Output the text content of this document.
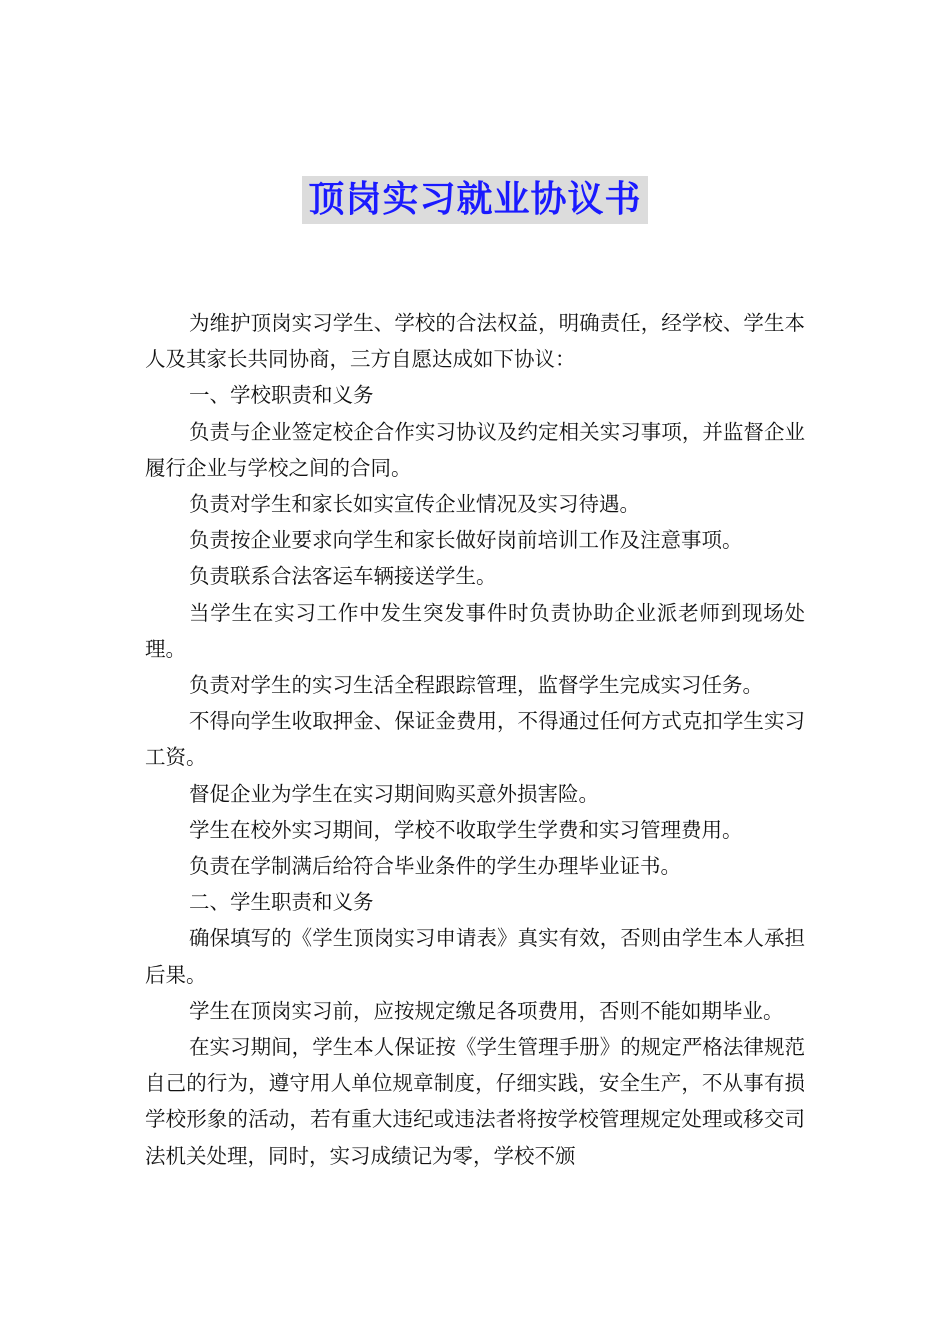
顶岗实习就业协议书

为维护顶岗实习学生、学校的合法权益，明确责任，经学校、学生本人及其家长共同协商，三方自愿达成如下协议：

一、学校职责和义务

负责与企业签定校企合作实习协议及约定相关实习事项，并监督企业履行企业与学校之间的合同。

负责对学生和家长如实宣传企业情况及实习待遇。

负责按企业要求向学生和家长做好岗前培训工作及注意事项。

负责联系合法客运车辆接送学生。

当学生在实习工作中发生突发事件时负责协助企业派老师到现场处理。

负责对学生的实习生活全程跟踪管理，监督学生完成实习任务。

不得向学生收取押金、保证金费用，不得通过任何方式克扣学生实习工资。

督促企业为学生在实习期间购买意外损害险。

学生在校外实习期间，学校不收取学生学费和实习管理费用。

负责在学制满后给符合毕业条件的学生办理毕业证书。

二、学生职责和义务

确保填写的《学生顶岗实习申请表》真实有效，否则由学生本人承担后果。

学生在顶岗实习前，应按规定缴足各项费用，否则不能如期毕业。

在实习期间，学生本人保证按《学生管理手册》的规定严格法律规范自己的行为，遵守用人单位规章制度，仔细实践，安全生产，不从事有损学校形象的活动，若有重大违纪或违法者将按学校管理规定处理或移交司法机关处理，同时，实习成绩记为零，学校不颁
